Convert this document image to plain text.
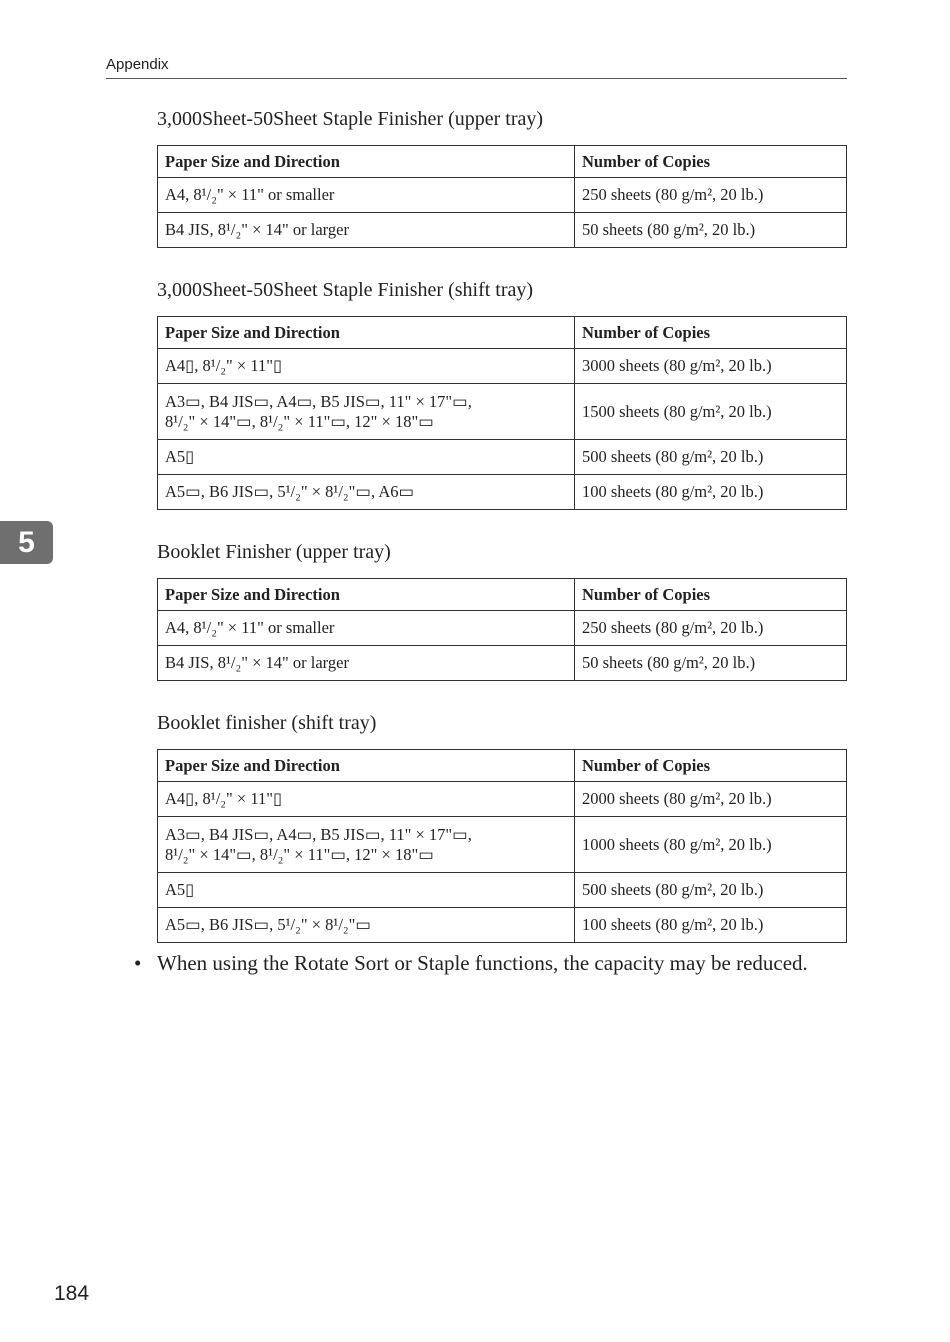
Appendix
5
3,000Sheet-50Sheet Staple Finisher (upper tray)
Paper Size and Direction	Number of Copies
A4, 8¹/₂" × 11" or smaller	250 sheets (80 g/m², 20 lb.)
B4 JIS, 8¹/₂" × 14" or larger	50 sheets (80 g/m², 20 lb.)
3,000Sheet-50Sheet Staple Finisher (shift tray)
Paper Size and Direction	Number of Copies
A4▯, 8¹/₂" × 11"▯	3000 sheets (80 g/m², 20 lb.)

A3▭, B4 JIS▭, A4▭, B5 JIS▭, 11" × 17"▭,
8¹/₂" × 14"▭, 8¹/₂" × 11"▭, 12" × 18"▭	1500 sheets (80 g/m², 20 lb.)
A5▯	500 sheets (80 g/m², 20 lb.)
A5▭, B6 JIS▭, 5¹/₂" × 8¹/₂"▭, A6▭	100 sheets (80 g/m², 20 lb.)
Booklet Finisher (upper tray)
Paper Size and Direction	Number of Copies
A4, 8¹/₂" × 11" or smaller	250 sheets (80 g/m², 20 lb.)
B4 JIS, 8¹/₂" × 14" or larger	50 sheets (80 g/m², 20 lb.)
Booklet finisher (shift tray)
Paper Size and Direction	Number of Copies
A4▯, 8¹/₂" × 11"▯	2000 sheets (80 g/m², 20 lb.)

A3▭, B4 JIS▭, A4▭, B5 JIS▭, 11" × 17"▭,
8¹/₂" × 14"▭, 8¹/₂" × 11"▭, 12" × 18"▭	1000 sheets (80 g/m², 20 lb.)
A5▯	500 sheets (80 g/m², 20 lb.)
A5▭, B6 JIS▭, 5¹/₂" × 8¹/₂"▭	100 sheets (80 g/m², 20 lb.)
• When using the Rotate Sort or Staple functions, the capacity may be reduced.
184
